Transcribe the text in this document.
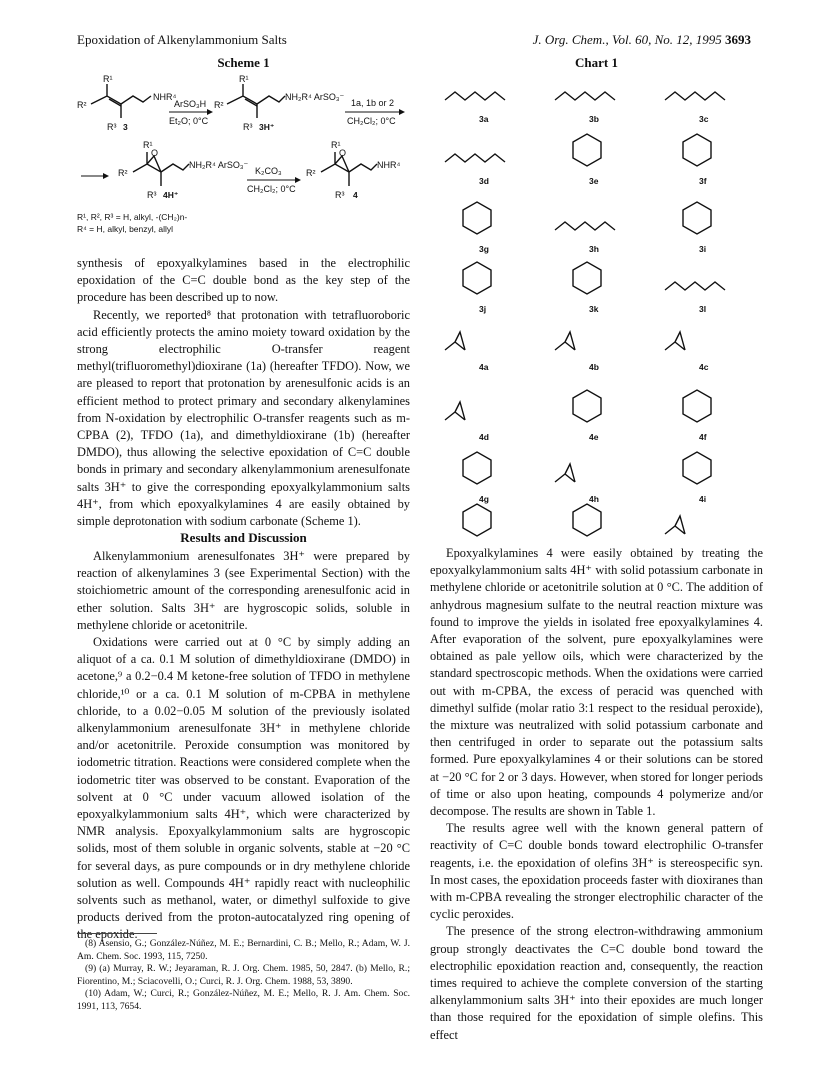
Epoxidation of Alkenylammonium Salts	J. Org. Chem., Vol. 60, No. 12, 1995 3693
Scheme 1
R¹
R²
R³
NHR⁴
3
ArSO₃H
Et₂O; 0°C
R¹
R²
R³
NH₂R⁴ ArSO₃⁻
3H⁺
1a, 1b or 2
CH₂Cl₂; 0°C
O
R¹
R²
R³
NH₂R⁴ ArSO₃⁻
4H⁺
K₂CO₃
CH₂Cl₂; 0°C
O
R¹
R²
R³
NHR⁴
4
R¹, R², R³ = H, alkyl, -(CH₂)n-
R⁴ = H, alkyl, benzyl, allyl
Chart 1
3a	3b	3c
3d	3e	3f
3g	3h	3i
3j	3k	3l
4a	4b	4c
4d	4e	4f
4g	4h	4i

synthesis of epoxyalkylamines based in the electrophilic epoxidation of the C=C double bond as the key step of the procedure has been described up to now.

Recently, we reported⁸ that protonation with tetrafluoroboric acid efficiently protects the amino moiety toward oxidation by the strong electrophilic O-transfer reagent methyl(trifluoromethyl)dioxirane (1a) (hereafter TFDO). Now, we are pleased to report that protonation by arenesulfonic acids is an efficient method to protect primary and secondary alkenylamines from N-oxidation by electrophilic O-transfer reagents such as m-CPBA (2), TFDO (1a), and dimethyldioxirane (1b) (hereafter DMDO), thus allowing the selective epoxidation of C=C double bonds in primary and secondary alkenylammonium arenesulfonate salts 3H⁺ to give the corresponding epoxyalkylammonium salts 4H⁺, from which epoxyalkylamines 4 are easily obtained by simple deprotonation with sodium carbonate (Scheme 1).

Results and Discussion

Alkenylammonium arenesulfonates 3H⁺ were prepared by reaction of alkenylamines 3 (see Experimental Section) with the stoichiometric amount of the corresponding arenesulfonic acid in ether solution. Salts 3H⁺ are hygroscopic solids, soluble in methylene chloride or acetonitrile.

Oxidations were carried out at 0 °C by simply adding an aliquot of a ca. 0.1 M solution of dimethyldioxirane (DMDO) in acetone,⁹ a 0.2−0.4 M ketone-free solution of TFDO in methylene chloride,¹⁰ or a ca. 0.1 M solution of m-CPBA in methylene chloride, to a 0.02−0.05 M solution of the previously isolated alkenylammonium arenesulfonate 3H⁺ in methylene chloride and/or acetonitrile. Peroxide consumption was monitored by iodometric titration. Reactions were considered complete when the iodometric titer was observed to be constant. Evaporation of the solvent at 0 °C under vacuum allowed isolation of the epoxyalkylammonium salts 4H⁺, which were characterized by NMR analysis. Epoxyalkylammonium salts are hygroscopic solids, most of them soluble in organic solvents, stable at −20 °C for several days, as pure compounds or in dry methylene chloride solution as well. Compounds 4H⁺ rapidly react with nucleophilic solvents such as methanol, water, or dimethyl sulfoxide to give products derived from the proton-autocatalyzed ring opening of the epoxide.

(8) Asensio, G.; González-Núñez, M. E.; Bernardini, C. B.; Mello, R.; Adam, W. J. Am. Chem. Soc. 1993, 115, 7250.

(9) (a) Murray, R. W.; Jeyaraman, R. J. Org. Chem. 1985, 50, 2847. (b) Mello, R.; Fiorentino, M.; Sciacovelli, O.; Curci, R. J. Org. Chem. 1988, 53, 3890.

(10) Adam, W.; Curci, R.; González-Núñez, M. E.; Mello, R. J. Am. Chem. Soc. 1991, 113, 7654.

Epoxyalkylamines 4 were easily obtained by treating the epoxyalkylammonium salts 4H⁺ with solid potassium carbonate in methylene chloride or acetonitrile solution at 0 °C. The addition of anhydrous magnesium sulfate to the neutral reaction mixture was found to improve the yields in isolated free epoxyalkylamines 4. After evaporation of the solvent, pure epoxyalkylamines were obtained as pale yellow oils, which were characterized by the standard spectroscopic methods. When the oxidations were carried out with m-CPBA, the excess of peracid was quenched with dimethyl sulfide (molar ratio 3:1 respect to the residual peroxide), the mixture was neutralized with solid potassium carbonate and then centrifuged in order to separate out the potassium salts formed. Pure epoxyalkylamines 4 or their solutions can be stored at −20 °C for 2 or 3 days. However, when stored for longer periods of time or also upon heating, compounds 4 polymerize and/or decompose. The results are shown in Table 1.

The results agree well with the known general pattern of reactivity of C=C double bonds toward electrophilic O-transfer reagents, i.e. the epoxidation of olefins 3H⁺ is stereospecific syn. In most cases, the epoxidation proceeds faster with dioxiranes than with m-CPBA revealing the stronger electrophilic character of the cyclic peroxides.

The presence of the strong electron-withdrawing ammonium group strongly deactivates the C=C double bond toward the electrophilic epoxidation reaction and, consequently, the reaction times required to achieve the complete conversion of the starting alkenylammonium salts 3H⁺ into their epoxides are much longer than those required for the epoxidation of simple olefins. This effect
